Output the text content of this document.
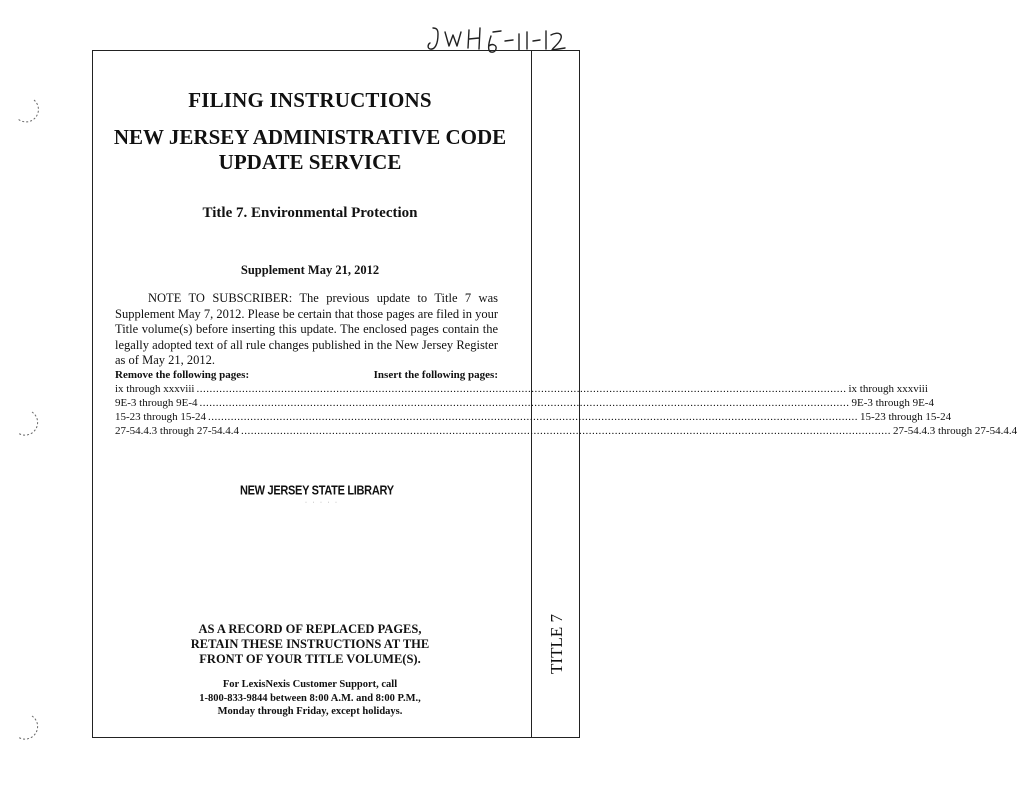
TITLE 7
FILING INSTRUCTIONS
NEW JERSEY ADMINISTRATIVE CODE
UPDATE SERVICE
Title 7. Environmental Protection
Supplement May 21, 2012
NOTE TO SUBSCRIBER: The previous update to Title 7 was Supplement May 7, 2012. Please be certain that those pages are filed in your Title volume(s) before inserting this update. The enclosed pages contain the legally adopted text of all rule changes published in the New Jersey Register as of May 21, 2012.
Remove the following pages:	Insert the following pages:
ix through xxxviii ........................................................................................................................................................................................................ ix through xxxviii
9E-3 through 9E-4 ........................................................................................................................................................................................................ 9E-3 through 9E-4
15-23 through 15-24 ........................................................................................................................................................................................................ 15-23 through 15-24
27-54.4.3 through 27-54.4.4 ........................................................................................................................................................................................................ 27-54.4.3 through 27-54.4.4
NEW JERSEY STATE LIBRARY
· · · · ·
AS A RECORD OF REPLACED PAGES,
RETAIN THESE INSTRUCTIONS AT THE
FRONT OF YOUR TITLE VOLUME(S).
For LexisNexis Customer Support, call
1-800-833-9844 between 8:00 A.M. and 8:00 P.M.,
Monday through Friday, except holidays.
